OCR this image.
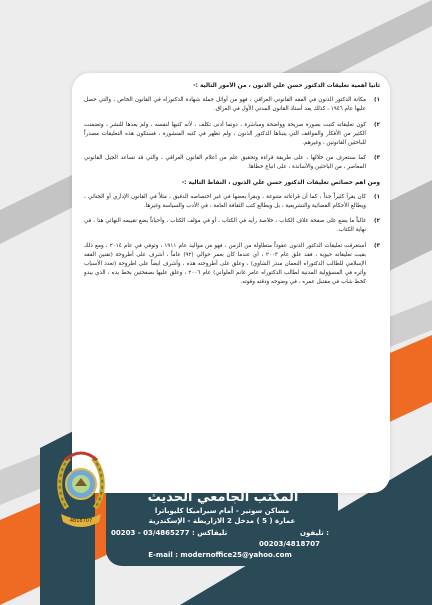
ثانياً أهمية تعليقات الدكتور حسن علي الذنون ، من الأمور التالية :-
١)
مكانة الدكتور الذنون في الفقه القانوني العراقي ، فهو من أوائل حملة شهادة الدكتوراه في القانون الخاص ، والتي حصل عليها عام ١٩٤٦ ، كذلك يعد أستاذ القانون المدني الأول في العراق.
٢)
كون تعليقاته كتبت بصورة صريحة وواضحة ومباشرة ، دونما أدنى تكلف ، لأنه كتبها لنفسه ، ولم يعدها للنشر ، وتضمنت الكثير من الأفكار والمواقف التي يتبناها الدكتور الذنون ، ولم تظهر في كتبه المنشورة ، فستكون هذه التعليقات مصدراً للباحثين القانونين ، وغيرهم.
٣)
كما سنتعرف من خلالها ، على طريقة قراءة وتحقيق علم من أعلام القانون العراقي ، والتي قد تساعد الجيل القانوني المعاصر ، من الباحثين والأساتذة ، على اتباع خطاها.
ومن اهم خصائص تعليقات الدكتور حسن علي الذنون ، النقاط التالية :-
١)
كان يقرأ كثيراً جداً ، كما أن قراءاته متنوعة ، ويقرأ بعضها في غير اختصاصه الدقيق ، مثلاً في القانون الإداري أو الجنائي ، ويطالع الأحكام القضائية والتشريعية ، بل ويطالع كتب الثقافة العامة ، في الأدب والسياسة وغيرها.
٢)
غالباً ما يضع على صفحة غلاف الكتاب ، خلاصة رأيه في الكتاب ، أو في مؤلف الكتاب ، وأحياناً يضع تقييمه النهائي هنا ، في نهاية الكتاب.
٣)
أستغرقت تعليقات الدكتور الذنون عقوداً متطاولة من الزمن ، فهو من مواليد عام ١٩١١ ، وتوفي في عام ٢٠١٤ ، ومع ذلك بقيت تعليقاته حيوية ، فقد علق عام ٢٠٠٣ ، أي عندما كان بعمر حوالي (٩٢) عاماً ، أشرف على أطروحة (تقنين الفقه الإسلامي للطالب الدكتوراه النعمان منذر الشاوي) ، وعلق على أطروحته هذه ، وأشرف ايضاً على اطروحة (تعدد الأسباب وأثره في المسؤولية المدنية لطالب الدكتوراه عامر غانم العلواني) عام ٢٠٠٦ ، وعلق عليها بصفحتين بخط يده ، الذي يبدو كخط شاب في مقتبل عمره ، في وضوحه ودقته وقوته.
4818707
المكتب الجامعي الحديث
مساكن سوتير - أمام سيراميكا كليوباترا
عمارة ( 5 ) مدخل 2 الازاريطة - الإسكندرية
تليفاكس : 03/4865277 - 00203	تليفون :
00203/4818707
E-mail : modernoffice25@yahoo.com
